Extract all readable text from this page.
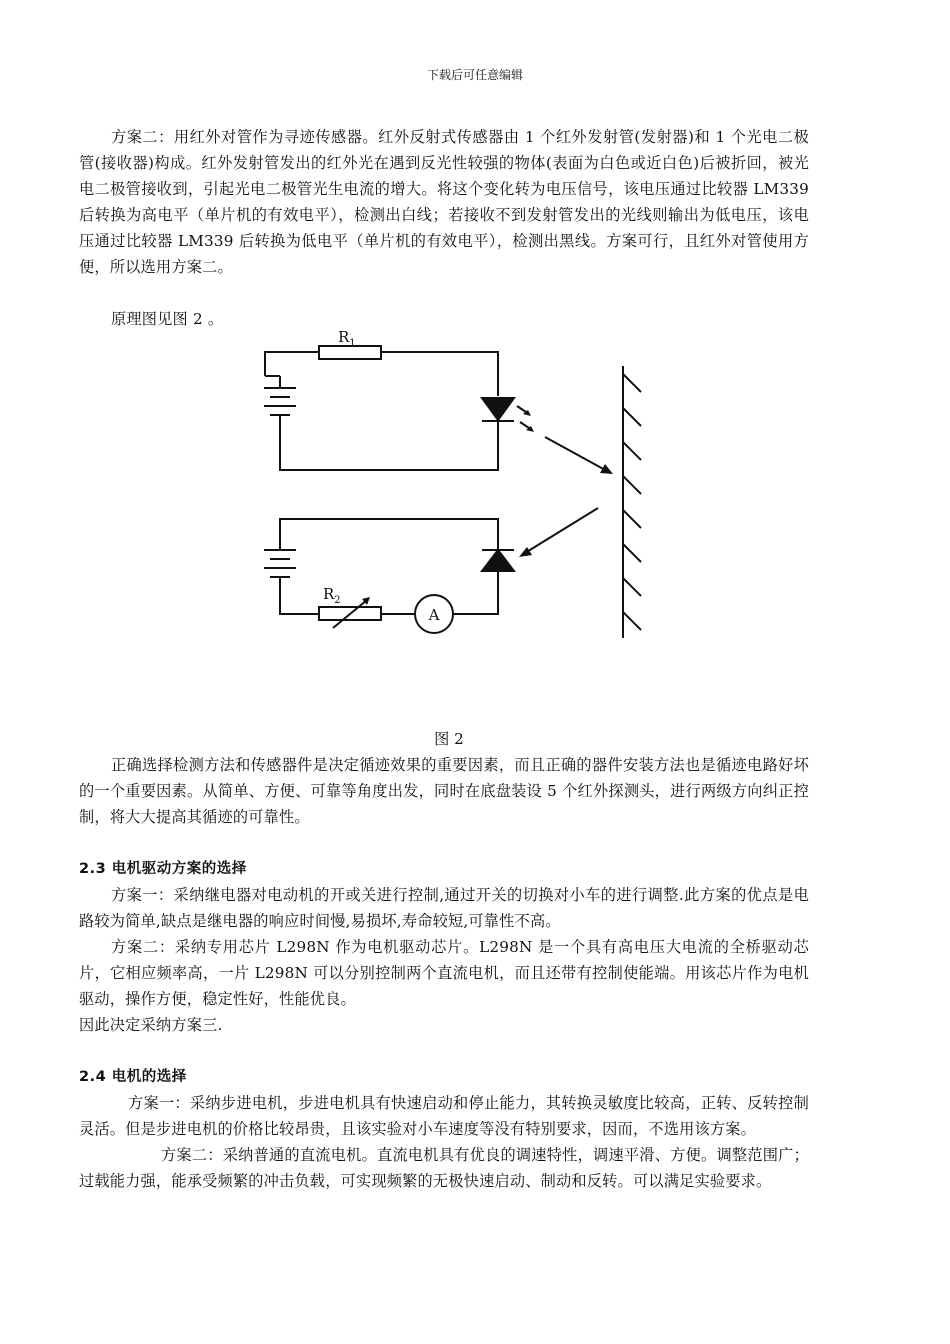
下载后可任意编辑

方案二：用红外对管作为寻迹传感器。红外反射式传感器由 1 个红外发射管(发射器)和 1 个光电二极管(接收器)构成。红外发射管发出的红外光在遇到反光性较强的物体(表面为白色或近白色)后被折回，被光电二极管接收到，引起光电二极管光生电流的增大。将这个变化转为电压信号，该电压通过比较器 LM339 后转换为高电平（单片机的有效电平），检测出白线；若接收不到发射管发出的光线则输出为低电压，该电压通过比较器 LM339 后转换为低电平（单片机的有效电平），检测出黑线。方案可行，且红外对管使用方便，所以选用方案二。

原理图见图 2 。

$R_1$
$R_2$
A
图 2

正确选择检测方法和传感器件是决定循迹效果的重要因素，而且正确的器件安装方法也是循迹电路好坏的一个重要因素。从简单、方便、可靠等角度出发，同时在底盘装设 5 个红外探测头，进行两级方向纠正控制，将大大提高其循迹的可靠性。

2.3 电机驱动方案的选择

方案一：采纳继电器对电动机的开或关进行控制,通过开关的切换对小车的进行调整.此方案的优点是电路较为简单,缺点是继电器的响应时间慢,易损坏,寿命较短,可靠性不高。

方案二：采纳专用芯片 L298N 作为电机驱动芯片。L298N 是一个具有高电压大电流的全桥驱动芯片，它相应频率高，一片 L298N 可以分别控制两个直流电机，而且还带有控制使能端。用该芯片作为电机驱动，操作方便，稳定性好，性能优良。

因此决定采纳方案三.

2.4 电机的选择

方案一：采纳步进电机，步进电机具有快速启动和停止能力，其转换灵敏度比较高，正转、反转控制灵活。但是步进电机的价格比较昂贵，且该实验对小车速度等没有特别要求，因而，不选用该方案。

方案二：采纳普通的直流电机。直流电机具有优良的调速特性，调速平滑、方便。调整范围广；过载能力强，能承受频繁的冲击负载，可实现频繁的无极快速启动、制动和反转。可以满足实验要求。
